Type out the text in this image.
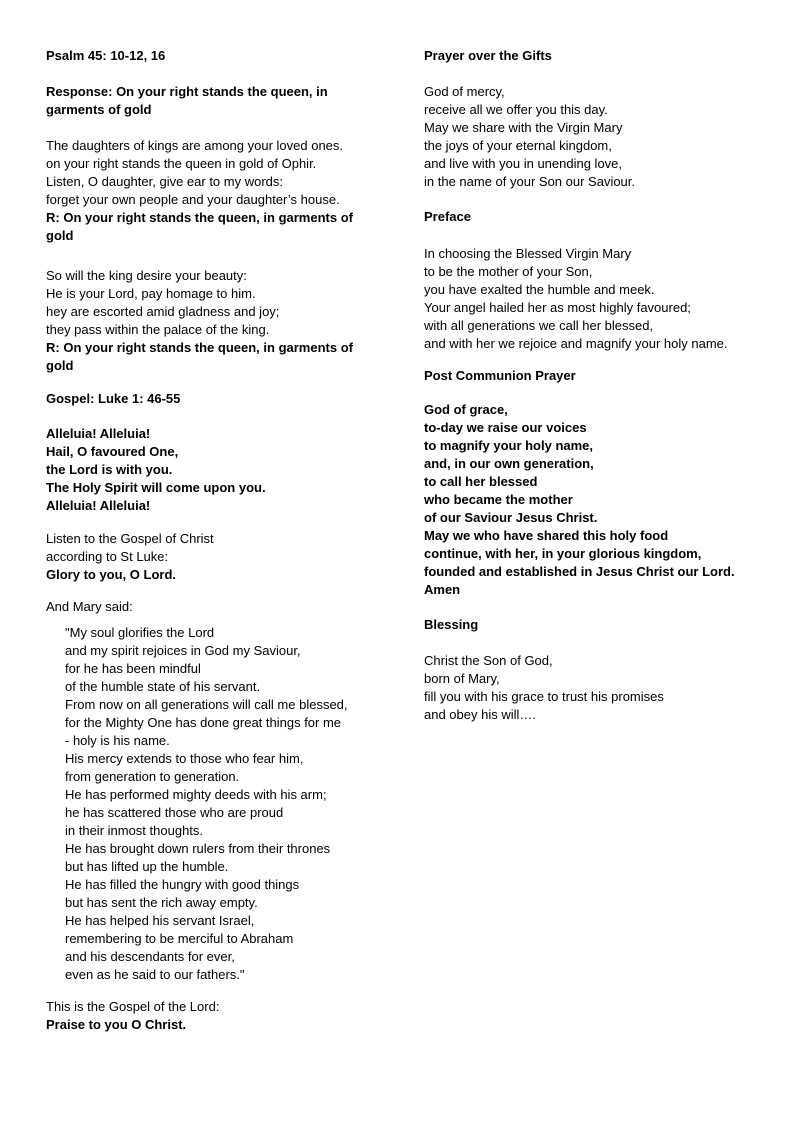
Psalm 45: 10-12, 16
Response: On your right stands the queen, in garments of gold
The daughters of kings are among your loved ones.
on your right stands the queen in gold of Ophir.
Listen, O daughter, give ear to my words:
forget your own people and your daughter’s house.
R: On your right stands the queen, in garments of gold
So will the king desire your beauty:
He is your Lord, pay homage to him.
hey are escorted amid gladness and joy;
they pass within the palace of the king.
R: On your right stands the queen, in garments of gold
Gospel: Luke 1: 46-55
Alleluia! Alleluia!
Hail, O favoured One,
the Lord is with you.
The Holy Spirit will come upon you.
Alleluia! Alleluia!
Listen to the Gospel of Christ
according to St Luke:
Glory to you, O Lord.
And Mary said:
"My soul glorifies the Lord
and my spirit rejoices in God my Saviour,
for he has been mindful
of the humble state of his servant.
From now on all generations will call me blessed,
for the Mighty One has done great things for me
- holy is his name.
His mercy extends to those who fear him,
from generation to generation.
He has performed mighty deeds with his arm;
he has scattered those who are proud
in their inmost thoughts.
He has brought down rulers from their thrones
but has lifted up the humble.
He has filled the hungry with good things
but has sent the rich away empty.
He has helped his servant Israel,
remembering to be merciful to Abraham
and his descendants for ever,
even as he said to our fathers."
This is the Gospel of the Lord:
Praise to you O Christ.
Prayer over the Gifts
God of mercy,
receive all we offer you this day.
May we share with the Virgin Mary
the joys of your eternal kingdom,
and live with you in unending love,
in the name of your Son our Saviour.
Preface
In choosing the Blessed Virgin Mary
to be the mother of your Son,
you have exalted the humble and meek.
Your angel hailed her as most highly favoured;
with all generations we call her blessed,
and with her we rejoice and magnify your holy name.
Post Communion Prayer
God of grace,
to-day we raise our voices
to magnify your holy name,
and, in our own generation,
to call her blessed
who became the mother
of our Saviour Jesus Christ.
May we who have shared this holy food
continue, with her, in your glorious kingdom,
founded and established in Jesus Christ our Lord.
Amen
Blessing
Christ the Son of God,
born of Mary,
fill you with his grace to trust his promises
and obey his will….
